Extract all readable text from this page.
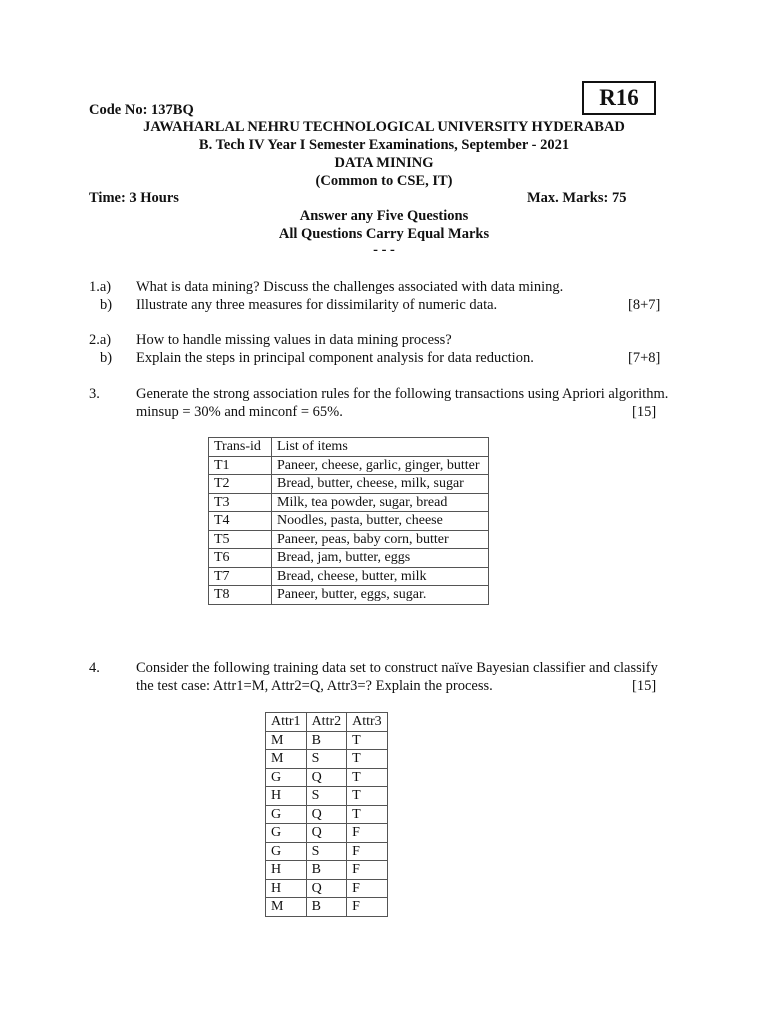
R16
Code No: 137BQ
JAWAHARLAL NEHRU TECHNOLOGICAL UNIVERSITY HYDERABAD
B. Tech IV Year I Semester Examinations, September - 2021
DATA MINING
(Common to CSE, IT)
Time: 3 Hours	Max. Marks: 75
Answer any Five Questions
All Questions Carry Equal Marks
- - -
1.a)	What is data mining? Discuss the challenges associated with data mining.
b)	Illustrate any three measures for dissimilarity of numeric data.	[8+7]
2.a)	How to handle missing values in data mining process?
b)	Explain the steps in principal component analysis for data reduction.	[7+8]
3.	Generate the strong association rules for the following transactions using Apriori algorithm.
minsup = 30% and minconf = 65%.	[15]
Trans-id	List of items
T1	Paneer, cheese, garlic, ginger, butter
T2	Bread, butter, cheese, milk, sugar
T3	Milk, tea powder, sugar, bread
T4	Noodles, pasta, butter, cheese
T5	Paneer, peas, baby corn, butter
T6	Bread, jam, butter, eggs
T7	Bread, cheese, butter, milk
T8	Paneer, butter, eggs, sugar.
4.	Consider the following training data set to construct naïve Bayesian classifier and classify
the test case: Attr1=M, Attr2=Q, Attr3=? Explain the process.	[15]
Attr1	Attr2	Attr3
M	B	T
M	S	T
G	Q	T
H	S	T
G	Q	T
G	Q	F
G	S	F
H	B	F
H	Q	F
M	B	F
